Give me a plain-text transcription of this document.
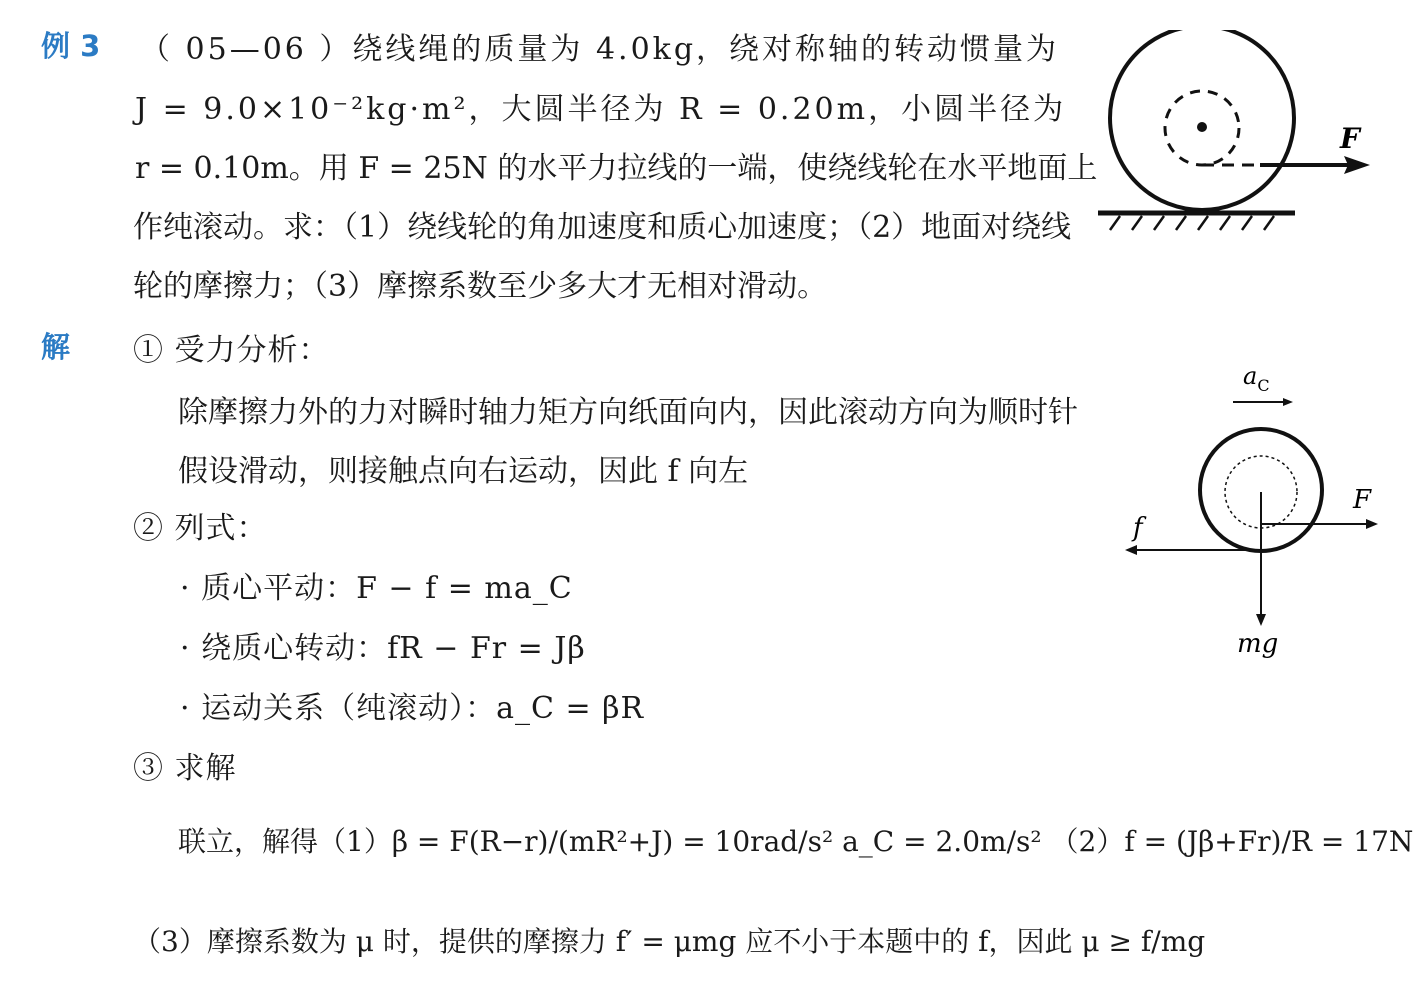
例 3 （ 05—06 ）绕线绳的质量为 4.0kg，绕对称轴的转动惯量为
J = 9.0×10⁻²kg·m²，大圆半径为 R = 0.20m，小圆半径为
r = 0.10m。用 F = 25N 的水平力拉线的一端，使绕线轮在水平地面上
作纯滚动。求：（1）绕线轮的角加速度和质心加速度；（2）地面对绕线
轮的摩擦力；（3）摩擦系数至少多大才无相对滑动。
F
解 ① 受力分析：
除摩擦力外的力对瞬时轴力矩方向纸面向内，因此滚动方向为顺时针
假设滑动，则接触点向右运动，因此 f 向左
② 列式：
· 质心平动：F − f = ma_C
· 绕质心转动：fR − Fr = Jβ
· 运动关系（纯滚动）：a_C = βR
③ 求解
联立，解得（1）β = F(R−r)/(mR²+J) = 10rad/s² a_C = 2.0m/s² （2）f = (Jβ+Fr)/R = 17N
（3）摩擦系数为 μ 时，提供的摩擦力 f′ = μmg 应不小于本题中的 f，因此 μ ≥ f/mg
$a_C$
F
f
mg
